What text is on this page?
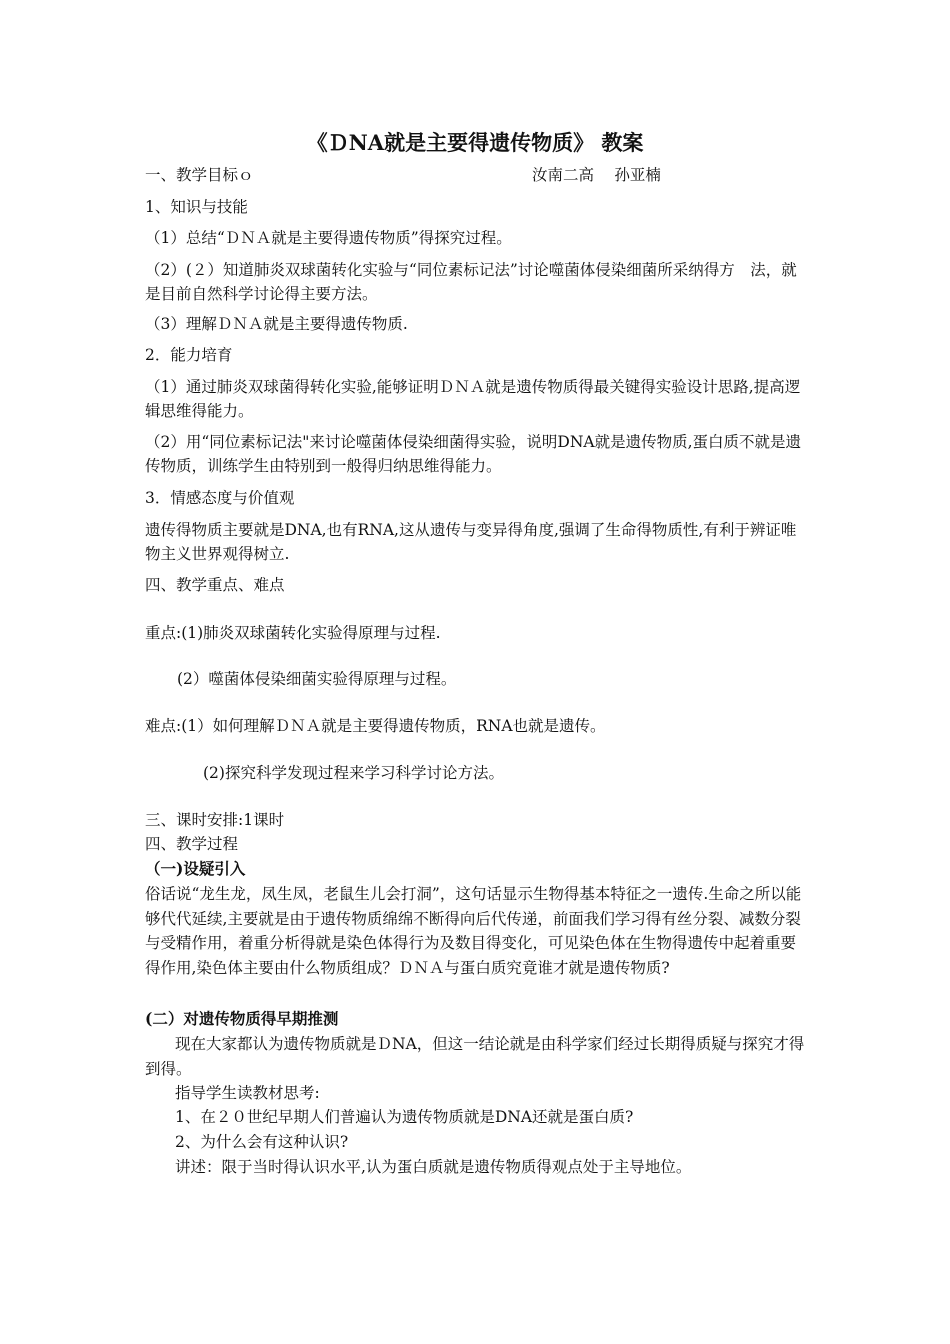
《ＤNA就是主要得遗传物质》 教案
一、教学目标ｏ	汝南二高　 孙亚楠
1、知识与技能
（1）总结“ＤＮＡ就是主要得遗传物质”得探究过程。
（2）(２）知道肺炎双球菌转化实验与“同位素标记法”讨论噬菌体侵染细菌所采纳得方　法，就是目前自然科学讨论得主要方法。
（3）理解ＤＮＡ就是主要得遗传物质.
2．能力培育
（1）通过肺炎双球菌得转化实验,能够证明ＤＮＡ就是遗传物质得最关键得实验设计思路,提高逻辑思维得能力。
（2）用“同位素标记法"来讨论噬菌体侵染细菌得实验，说明DNA就是遗传物质,蛋白质不就是遗传物质，训练学生由特别到一般得归纳思维得能力。
3．情感态度与价值观
遗传得物质主要就是DNA,也有RNA,这从遗传与变异得角度,强调了生命得物质性,有利于辨证唯物主义世界观得树立.
四、教学重点、难点
重点:(1)肺炎双球菌转化实验得原理与过程.
(2）噬菌体侵染细菌实验得原理与过程。
难点:(1）如何理解ＤＮＡ就是主要得遗传物质，RNA也就是遗传。
(2)探究科学发现过程来学习科学讨论方法。
三、课时安排:1课时
四、教学过程
（一)设疑引入
俗话说“龙生龙，凤生凤，老鼠生儿会打洞”，这句话显示生物得基本特征之一遗传.生命之所以能够代代延续,主要就是由于遗传物质绵绵不断得向后代传递，前面我们学习得有丝分裂、减数分裂与受精作用，着重分析得就是染色体得行为及数目得变化，可见染色体在生物得遗传中起着重要得作用,染色体主要由什么物质组成？ＤＮＡ与蛋白质究竟谁才就是遗传物质?
(二）对遗传物质得早期推测
现在大家都认为遗传物质就是ＤNA，但这一结论就是由科学家们经过长期得质疑与探究才得到得。
指导学生读教材思考:
1、在２０世纪早期人们普遍认为遗传物质就是DNA还就是蛋白质?
2、为什么会有这种认识?
讲述：限于当时得认识水平,认为蛋白质就是遗传物质得观点处于主导地位。
